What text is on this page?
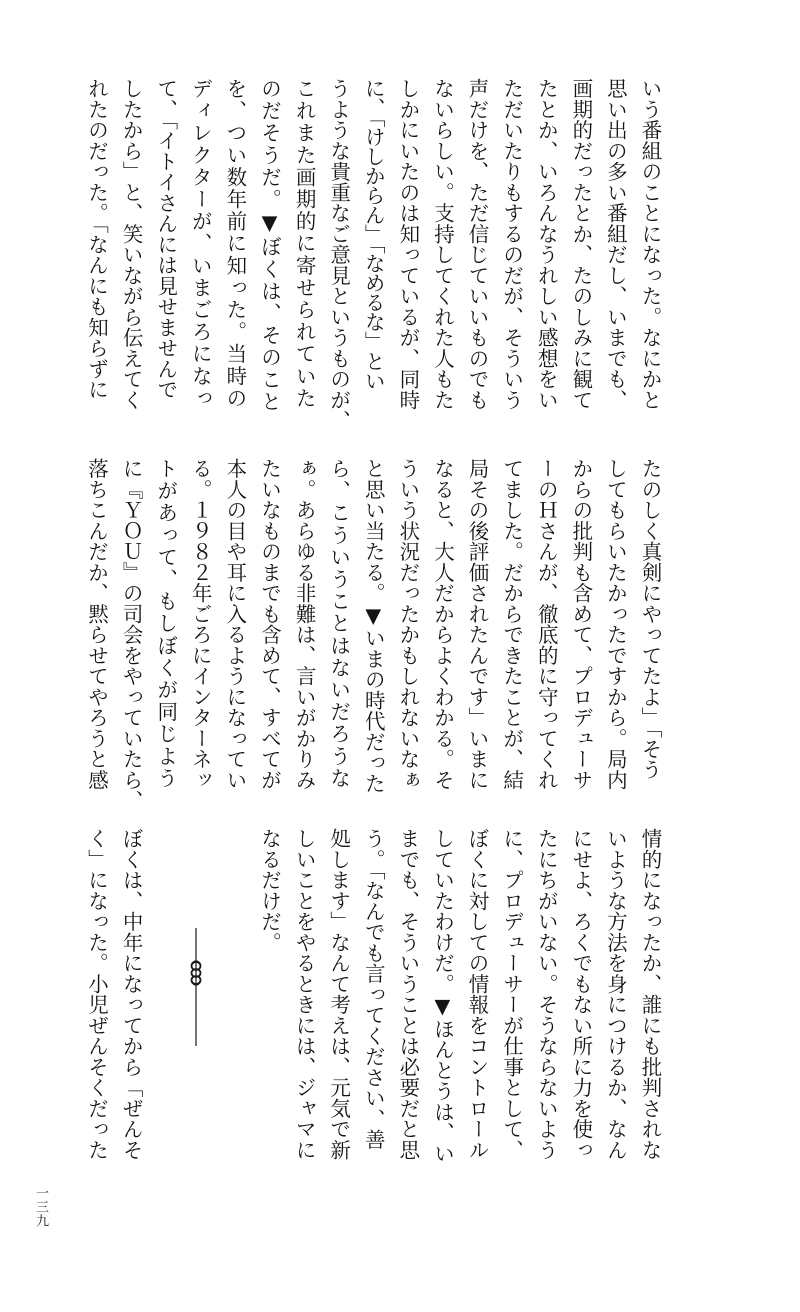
いう番組のことになった。なにかと
思い出の多い番組だし、いまでも、
画期的だったとか、たのしみに観て
たとか、いろんなうれしい感想をい
ただいたりもするのだが、そういう
声だけを、ただ信じていいものでも
ないらしい。支持してくれた人もた
しかにいたのは知っているが、同時
に、「けしからん」「なめるな」とい
うような貴重なご意見というものが、
これまた画期的に寄せられていた
のだそうだ。▼ぼくは、そのこと
を、つい数年前に知った。当時の
ディレクターが、いまごろになっ
て、「イトイさんには見せませんで
したから」と、笑いながら伝えてく
れたのだった。「なんにも知らずに
たのしく真剣にやってたよ」「そう
してもらいたかったですから。局内
からの批判も含めて、プロデューサ
ーのＨさんが、徹底的に守ってくれ
てました。だからできたことが、結
局その後評価されたんです」いまに
なると、大人だからよくわかる。そ
ういう状況だったかもしれないなぁ
と思い当たる。▼いまの時代だった
ら、こういうことはないだろうな
ぁ。あらゆる非難は、言いがかりみ
たいなものまでも含めて、すべてが
本人の目や耳に入るようになってい
る。１９８２年ごろにインターネッ
トがあって、もしぼくが同じよう
に『ＹＯＵ』の司会をやっていたら、
落ちこんだか、黙らせてやろうと感
情的になったか、誰にも批判されな
いような方法を身につけるか、なん
にせよ、ろくでもない所に力を使っ
たにちがいない。そうならないよう
に、プロデューサーが仕事として、
ぼくに対しての情報をコントロール
していたわけだ。▼ほんとうは、い
までも、そういうことは必要だと思
う。「なんでも言ってください、善
処します」なんて考えは、元気で新
しいことをやるときには、ジャマに
なるだけだ。
ぼくは、中年になってから「ぜんそ
く」になった。小児ぜんそくだった
一三九
